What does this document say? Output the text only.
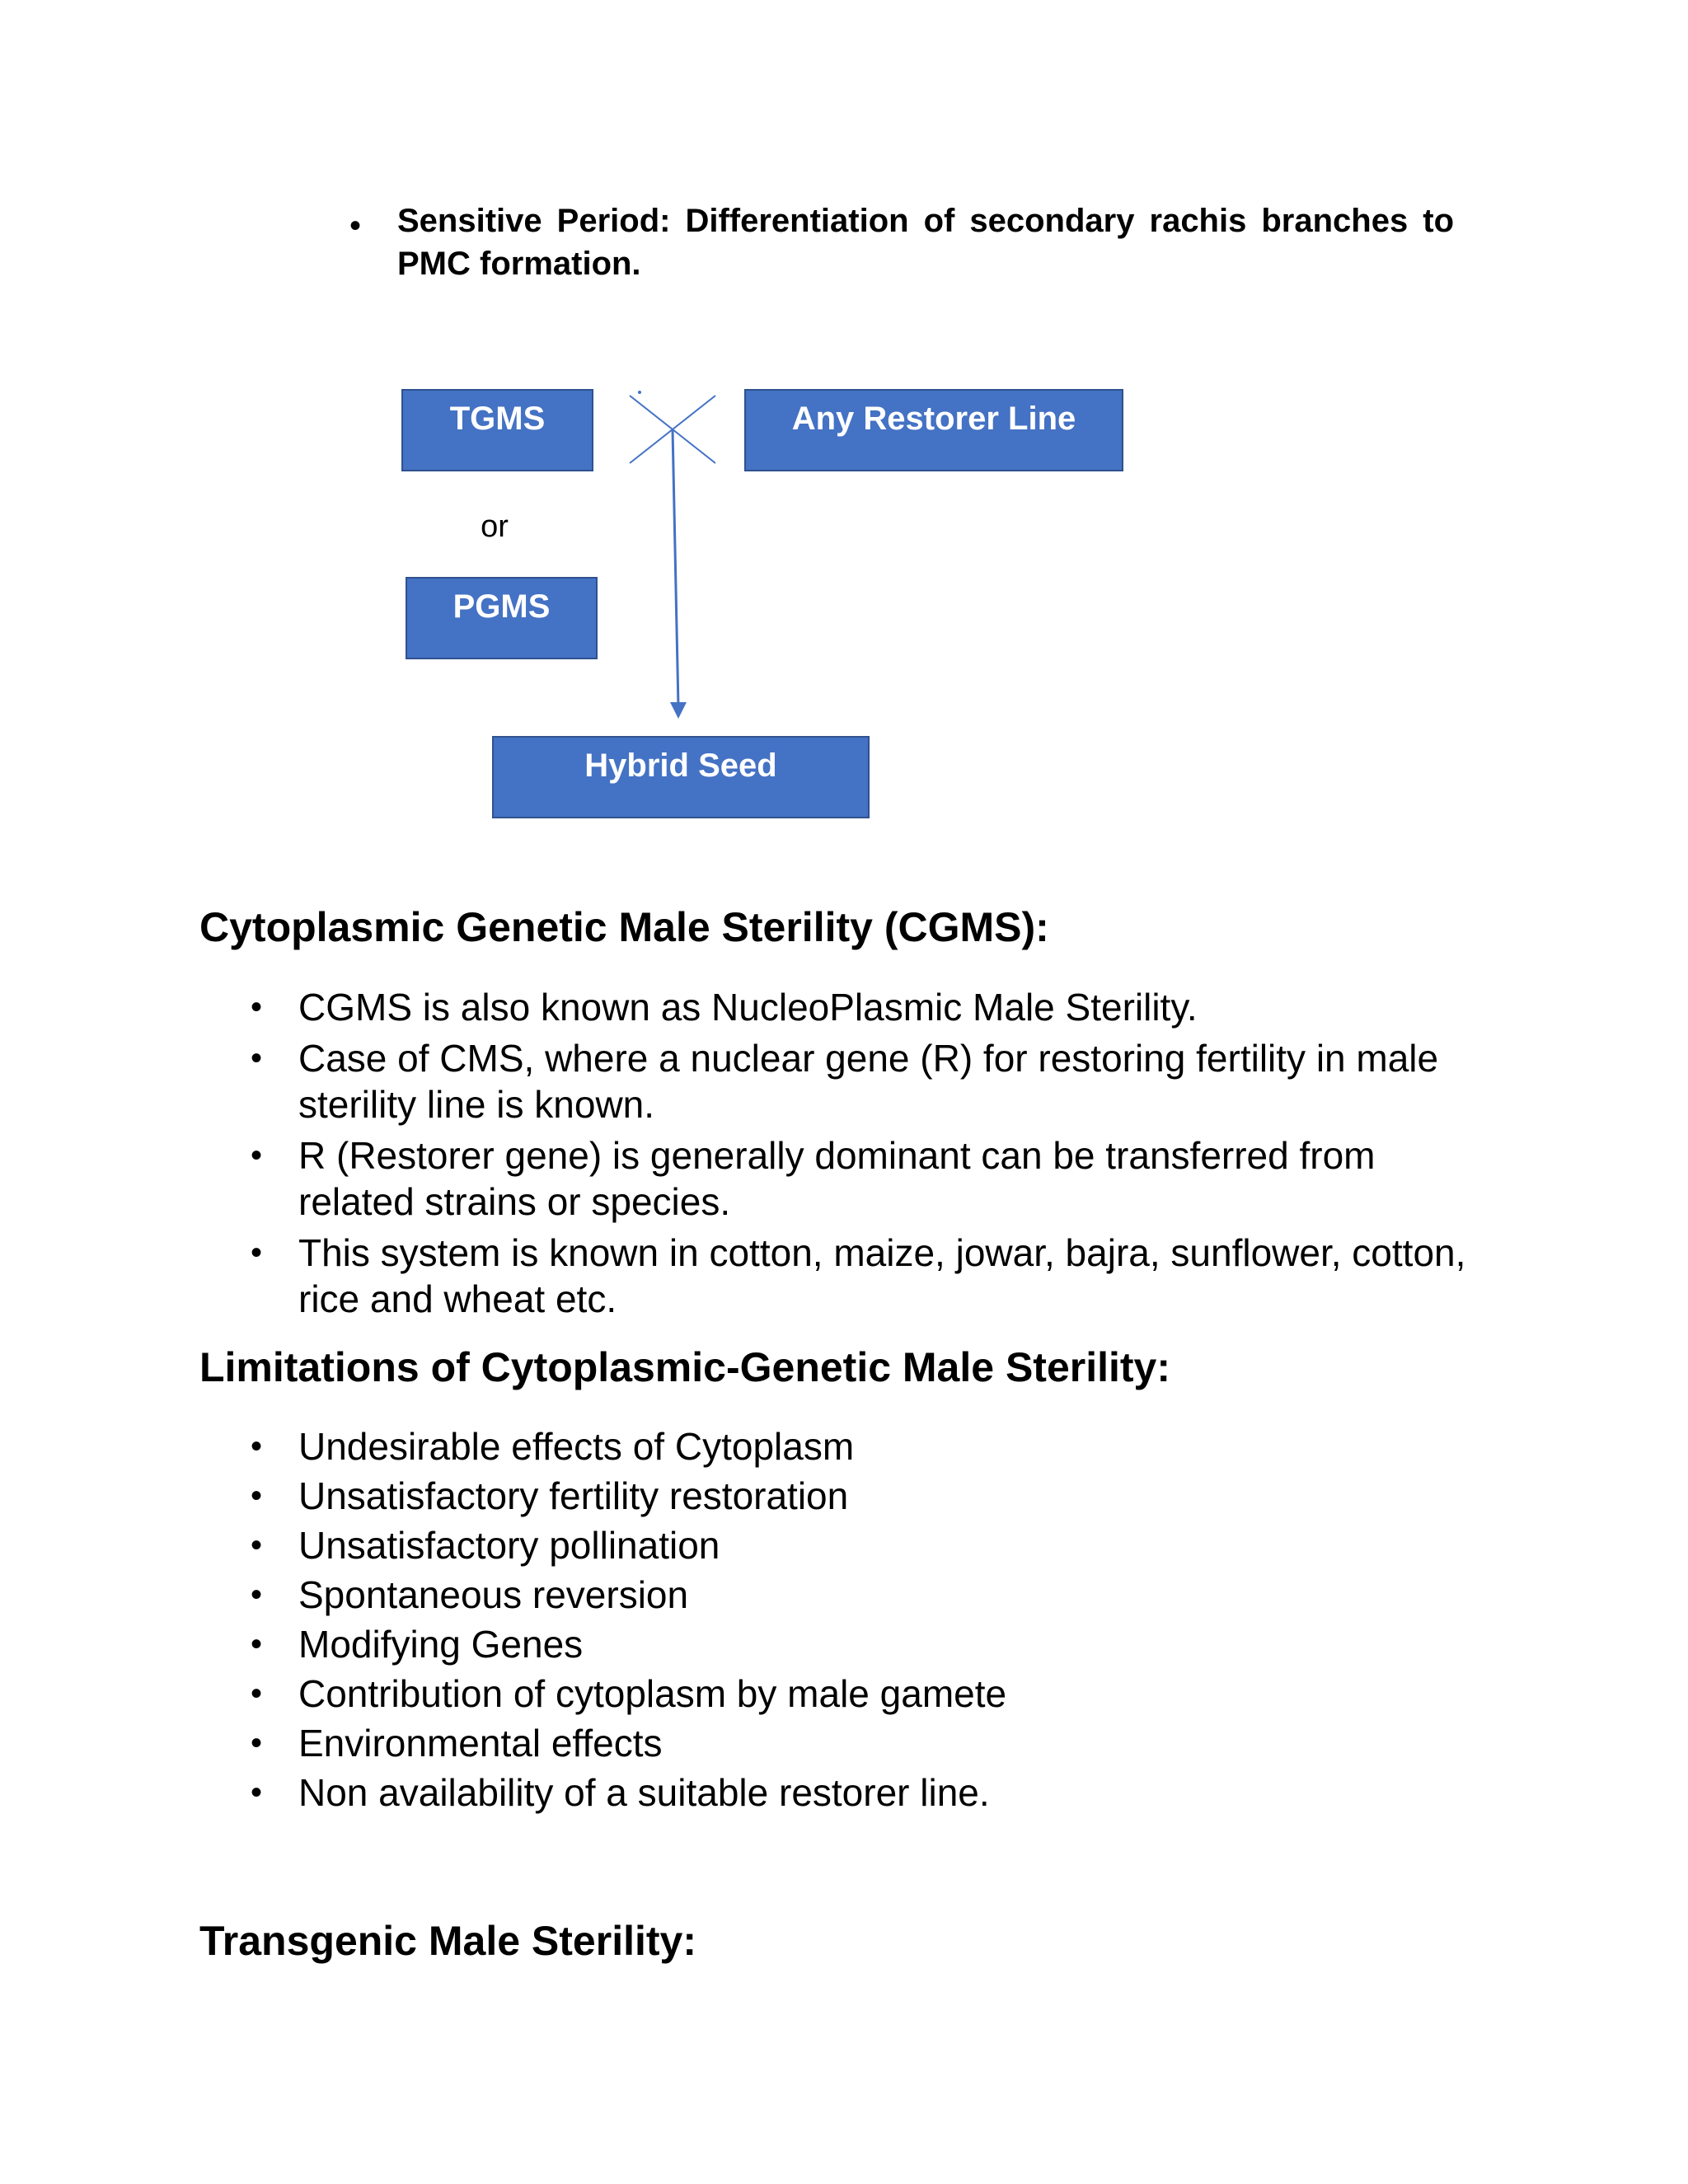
• Sensitive Period: Differentiation of secondary rachis branches to PMC formation.
TGMS	Any Restorer Line
or
PGMS
Hybrid Seed
Cytoplasmic Genetic Male Sterility (CGMS):
• CGMS is also known as NucleoPlasmic Male Sterility.
• Case of CMS, where a nuclear gene (R) for restoring fertility in male sterility line is known.
• R (Restorer gene) is generally dominant can be transferred from related strains or species.
• This system is known in cotton, maize, jowar, bajra, sunflower, cotton, rice and wheat etc.
Limitations of Cytoplasmic-Genetic Male Sterility:
• Undesirable effects of Cytoplasm
• Unsatisfactory fertility restoration
• Unsatisfactory pollination
• Spontaneous reversion
• Modifying Genes
• Contribution of cytoplasm by male gamete
• Environmental effects
• Non availability of a suitable restorer line.
Transgenic Male Sterility:
